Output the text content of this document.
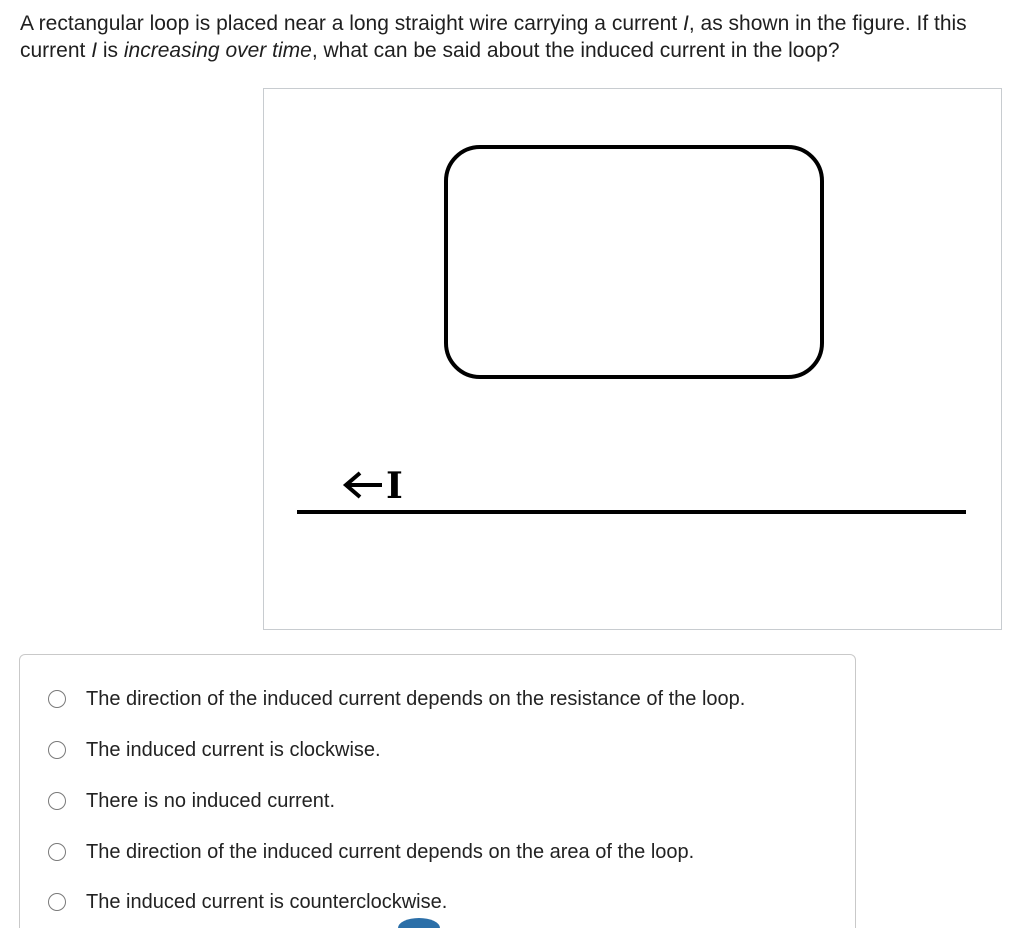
A rectangular loop is placed near a long straight wire carrying a current I, as shown in the figure. If this current I is increasing over time, what can be said about the induced current in the loop?
I
The direction of the induced current depends on the resistance of the loop.
The induced current is clockwise.
There is no induced current.
The direction of the induced current depends on the area of the loop.
The induced current is counterclockwise.
